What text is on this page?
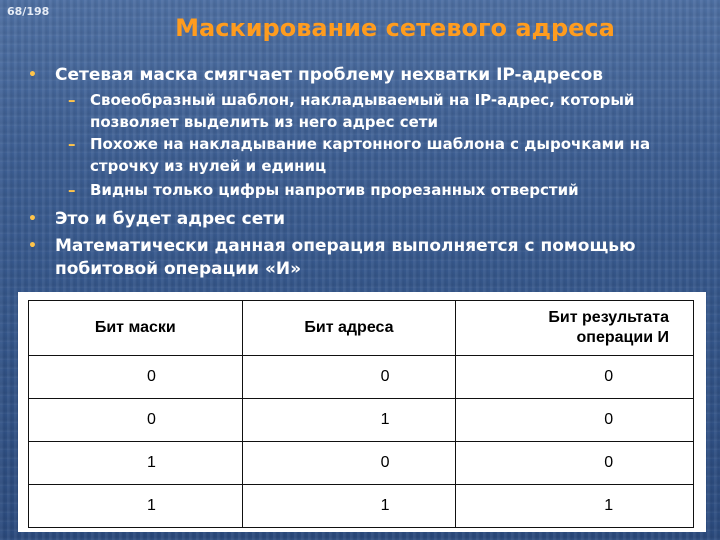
68/198
Маскирование сетевого адреса
• Сетевая маска смягчает проблему нехватки IP-адресов
– Своеобразный шаблон, накладываемый на IP-адрес, который позволяет выделить из него адрес сети
– Похоже на накладывание картонного шаблона с дырочками на строчку из нулей и единиц
– Видны только цифры напротив прорезанных отверстий
• Это и будет адрес сети
• Математически данная операция выполняется с помощью побитовой операции «И»
Бит маски	Бит адреса	Бит результата операции И
0	0	0
0	1	0
1	0	0
1	1	1
